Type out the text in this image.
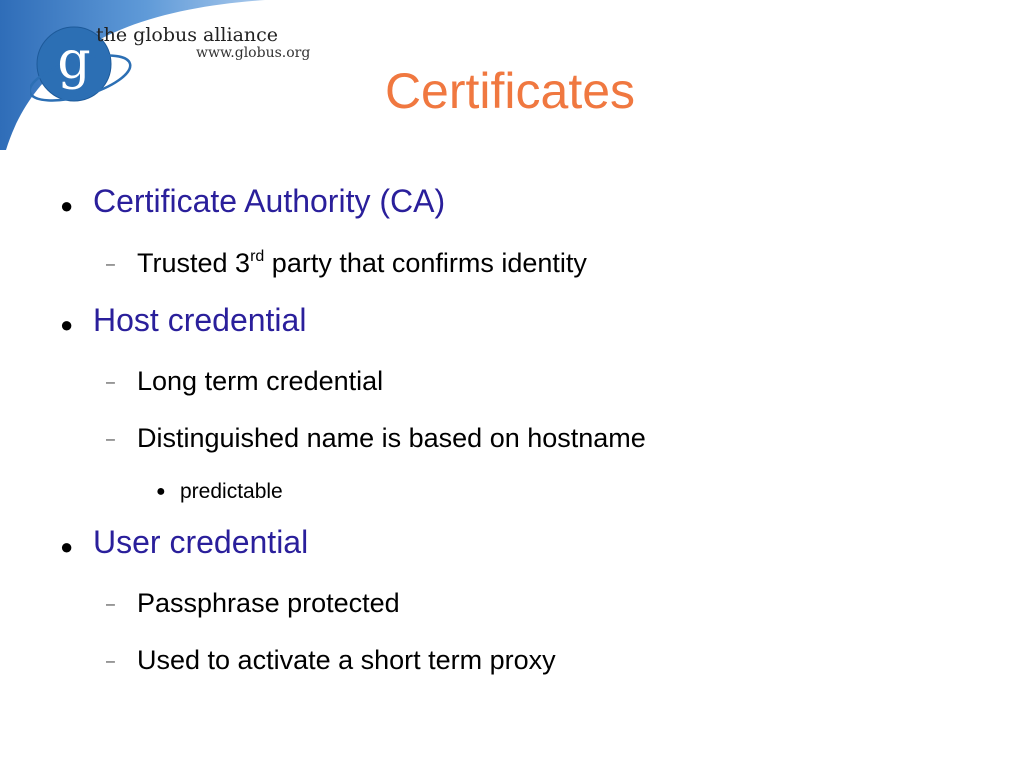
g the globus alliance
www.globus.org
Certificates
● Certificate Authority (CA)
– Trusted 3rd party that confirms identity
● Host credential
– Long term credential
– Distinguished name is based on hostname
● predictable
● User credential
– Passphrase protected
– Used to activate a short term proxy
